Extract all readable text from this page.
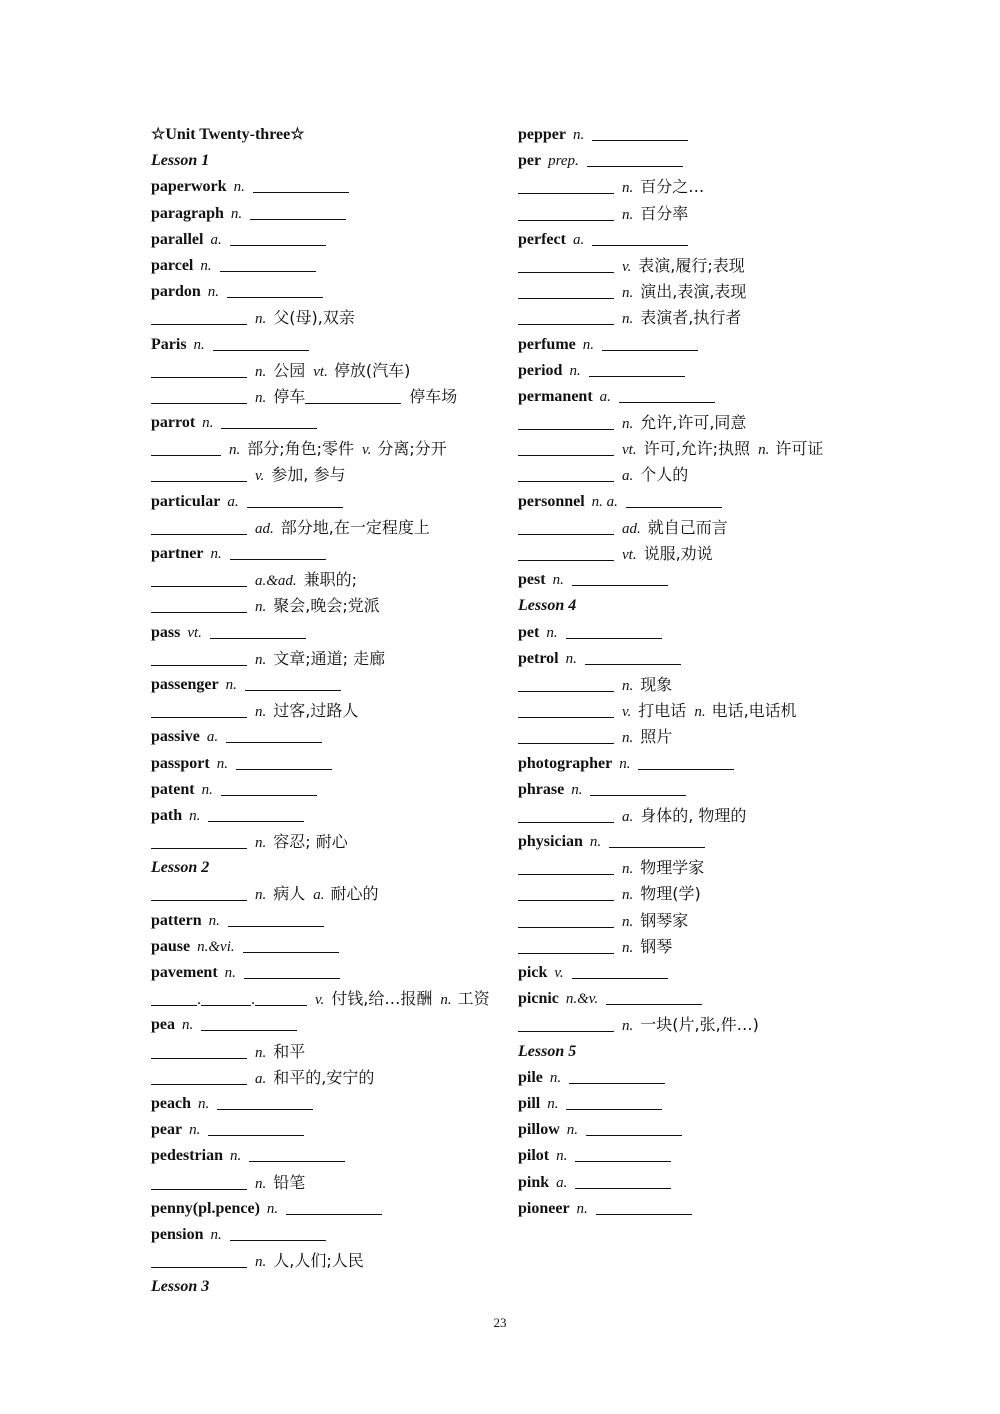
☆Unit Twenty-three☆
Lesson 1
paperwork n.
paragraph n.
parallel a.
parcel n.
pardon n.
n. 父(母),双亲
Paris n.
n. 公园 vt. 停放(汽车)
n. 停车	停车场
parrot n.
n. 部分;角色;零件 v. 分离;分开
v. 参加, 参与
particular a.
ad. 部分地,在一定程度上
partner n.
a.&ad. 兼职的;
n. 聚会,晚会;党派
pass vt.
n. 文章;通道; 走廊
passenger n.
n. 过客,过路人
passive a.
passport n.
patent n.
path n.
n. 容忍; 耐心
Lesson 2
n. 病人 a. 耐心的
pattern n.
pause n.&vi.
pavement n.
.	.	v. 付钱,给…报酬 n. 工资
pea n.
n. 和平
a. 和平的,安宁的
peach n.
pear n.
pedestrian n.
n. 铅笔
penny(pl.pence) n.
pension n.
n. 人,人们;人民
Lesson 3
pepper n.
per prep.
n. 百分之…
n. 百分率
perfect a.
v. 表演,履行;表现
n. 演出,表演,表现
n. 表演者,执行者
perfume n.
period n.
permanent a.
n. 允许,许可,同意
vt. 许可,允许;执照 n. 许可证
a. 个人的
personnel n. a.
ad. 就自己而言
vt. 说服,劝说
pest n.
Lesson 4
pet n.
petrol n.
n. 现象
v. 打电话 n. 电话,电话机
n. 照片
photographer n.
phrase n.
a. 身体的, 物理的
physician n.
n. 物理学家
n. 物理(学)
n. 钢琴家
n. 钢琴
pick v.
picnic n.&v.
n. 一块(片,张,件…)
Lesson 5
pile n.
pill n.
pillow n.
pilot n.
pink a.
pioneer n.
23
